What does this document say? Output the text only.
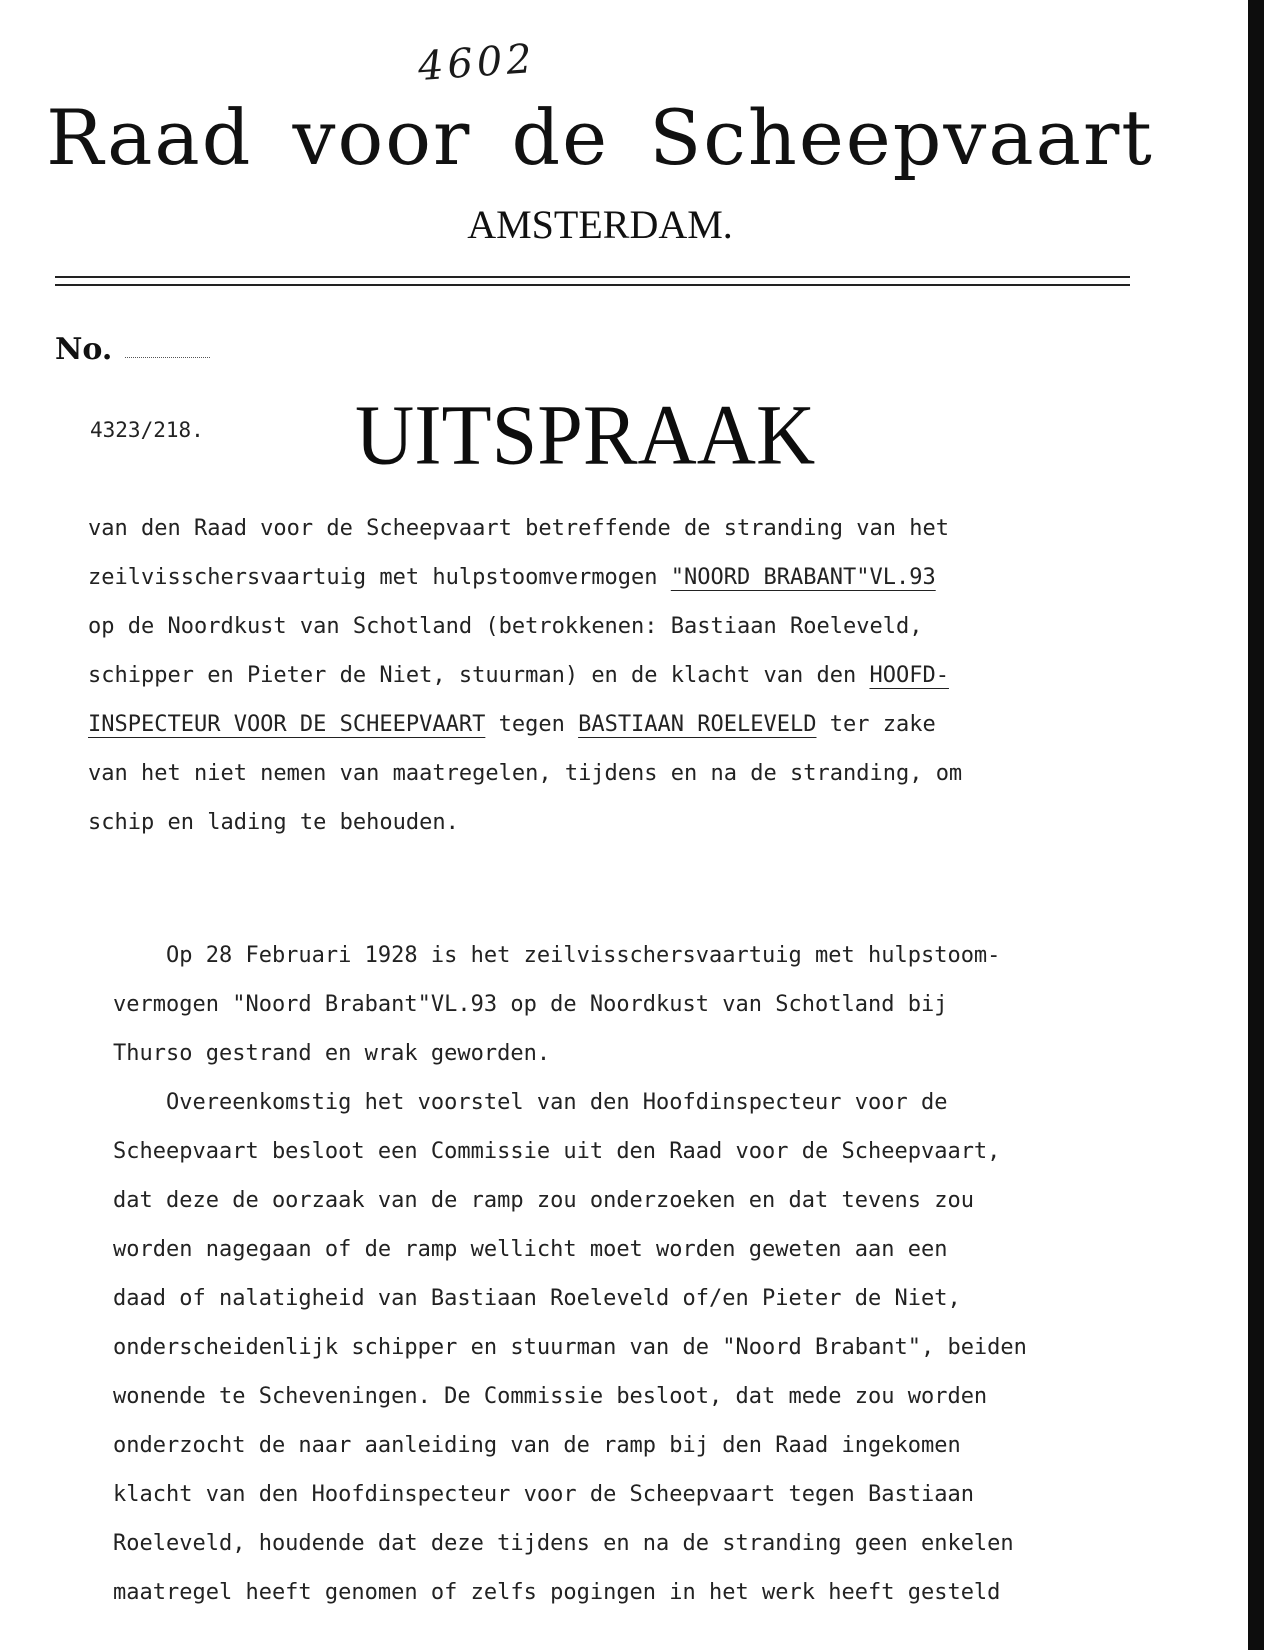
4602
Raad voor de Scheepvaart
AMSTERDAM.
No.
4323/218. UITSPRAAK
van den Raad voor de Scheepvaart betreffende de stranding van het
zeilvisschersvaartuig met hulpstoomvermogen "NOORD BRABANT"VL.93
op de Noordkust van Schotland (betrokkenen: Bastiaan Roeleveld,
schipper en Pieter de Niet, stuurman) en de klacht van den HOOFD-
INSPECTEUR VOOR DE SCHEEPVAART tegen BASTIAAN ROELEVELD ter zake
van het niet nemen van maatregelen, tijdens en na de stranding, om
schip en lading te behouden.
Op 28 Februari 1928 is het zeilvisschersvaartuig met hulpstoom-
vermogen "Noord Brabant"VL.93 op de Noordkust van Schotland bij
Thurso gestrand en wrak geworden.
Overeenkomstig het voorstel van den Hoofdinspecteur voor de
Scheepvaart besloot een Commissie uit den Raad voor de Scheepvaart,
dat deze de oorzaak van de ramp zou onderzoeken en dat tevens zou
worden nagegaan of de ramp wellicht moet worden geweten aan een
daad of nalatigheid van Bastiaan Roeleveld of/en Pieter de Niet,
onderscheidenlijk schipper en stuurman van de "Noord Brabant", beiden
wonende te Scheveningen. De Commissie besloot, dat mede zou worden
onderzocht de naar aanleiding van de ramp bij den Raad ingekomen
klacht van den Hoofdinspecteur voor de Scheepvaart tegen Bastiaan
Roeleveld, houdende dat deze tijdens en na de stranding geen enkelen
maatregel heeft genomen of zelfs pogingen in het werk heeft gesteld
